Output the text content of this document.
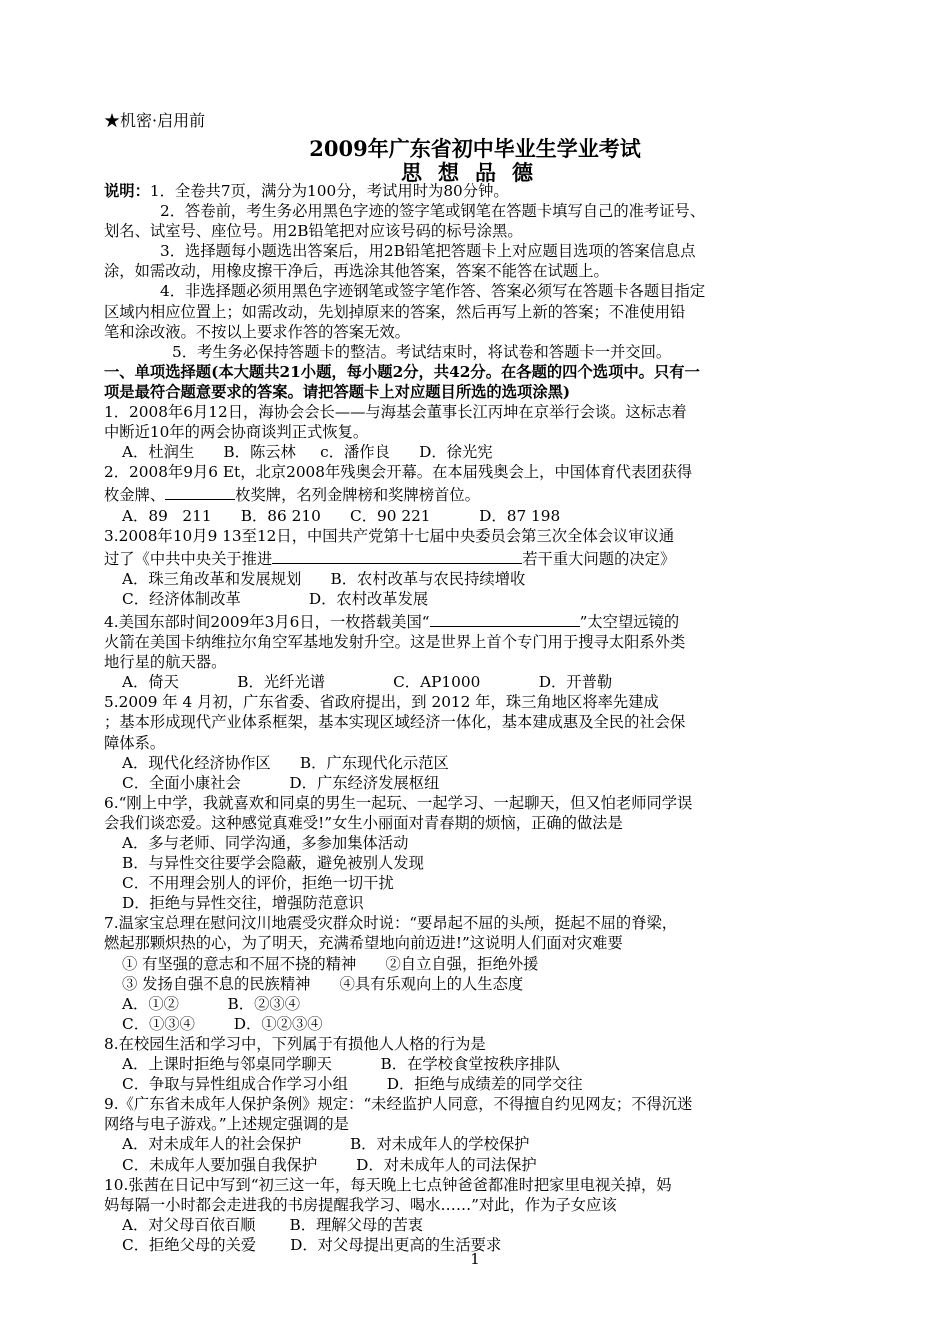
★机密·启用前
2009年广东省初中毕业生学业考试
思想品德

说明：1．全卷共7页，满分为100分，考试用时为80分钟。

2．答卷前，考生务必用黑色字迹的签字笔或钢笔在答题卡填写自己的准考证号、

划名、试室号、座位号。用2B铅笔把对应该号码的标号涂黑。

3．选择题每小题选出答案后，用2B铅笔把答题卡上对应题目选项的答案信息点

涂，如需改动，用橡皮擦干净后，再选涂其他答案，答案不能答在试题上。

4．非选择题必须用黑色字迹钢笔或签字笔作答、答案必须写在答题卡各题目指定

区域内相应位置上；如需改动，先划掉原来的答案，然后再写上新的答案；不准使用铅

笔和涂改液。不按以上要求作答的答案无效。

5．考生务必保持答题卡的整洁。考试结束时，将试卷和答题卡一并交回。

一、单项选择题(本大题共21小题，每小题2分，共42分。在各题的四个选项中。只有一

项是最符合题意要求的答案。请把答题卡上对应题目所选的选项涂黑)

1．2008年6月12日，海协会会长——与海基会董事长江丙坤在京举行会谈。这标志着

中断近10年的两会协商谈判正式恢复。

A．杜润生      B．陈云林     c．潘作良      D．徐光宪

2．2008年9月6 Et，北京2008年残奥会开幕。在本届残奥会上，中国体育代表团获得

枚金牌、	枚奖牌，名列金牌榜和奖牌榜首位。

A．89   211      B．86 210      C．90 221          D．87 198

3.2008年10月9 13至12日，中国共产党第十七届中央委员会第三次全体会议审议通

过了《中共中央关于推进	若干重大问题的决定》

A．珠三角改革和发展规划      B．农村改革与农民持续增收

C．经济体制改革              D．农村改革发展

4.美国东部时间2009年3月6日，一枚搭载美国“	”太空望远镜的

火箭在美国卡纳维拉尔角空军基地发射升空。这是世界上首个专门用于搜寻太阳系外类

地行星的航天器。

A．倚天            B．光纤光谱              C．AP1000            D．开普勒

5.2009 年 4 月初，广东省委、省政府提出，到 2012 年，珠三角地区将率先建成

；基本形成现代产业体系框架，基本实现区域经济一体化，基本建成惠及全民的社会保

障体系。

A．现代化经济协作区      B．广东现代化示范区

C．全面小康社会          D．广东经济发展枢纽

6.“刚上中学，我就喜欢和同桌的男生一起玩、一起学习、一起聊天，但又怕老师同学误

会我们谈恋爱。这种感觉真难受!”女生小丽面对青春期的烦恼，正确的做法是

A．多与老师、同学沟通，多参加集体活动

B．与异性交往要学会隐蔽，避免被别人发现

C．不用理会别人的评价，拒绝一切干扰

D．拒绝与异性交往，增强防范意识

7.温家宝总理在慰问汶川地震受灾群众时说：“要昂起不屈的头颅，挺起不屈的脊梁，

燃起那颗炽热的心，为了明天，充满希望地向前迈进!”这说明人们面对灾难要

① 有坚强的意志和不屈不挠的精神      ②自立自强，拒绝外援

③ 发扬自强不息的民族精神      ④具有乐观向上的人生态度

A．①②          B．②③④

C．①③④        D．①②③④

8.在校园生活和学习中，下列属于有损他人人格的行为是

A．上课时拒绝与邻桌同学聊天          B．在学校食堂按秩序排队

C．争取与异性组成合作学习小组        D．拒绝与成绩差的同学交往

9.《广东省未成年人保护条例》规定：“未经监护人同意，不得擅自约见网友；不得沉迷

网络与电子游戏。”上述规定强调的是

A．对未成年人的社会保护          B．对未成年人的学校保护

C．未成年人要加强自我保护        D．对未成年人的司法保护

10.张茜在日记中写到“初三这一年，每天晚上七点钟爸爸都准时把家里电视关掉，妈

妈每隔一小时都会走进我的书房提醒我学习、喝水……”对此，作为子女应该

A．对父母百依百顺       B．理解父母的苦衷

C．拒绝父母的关爱       D．对父母提出更高的生活要求

1
